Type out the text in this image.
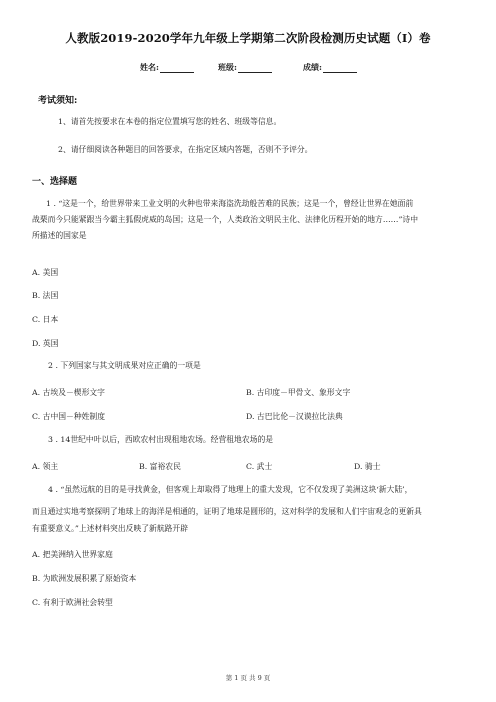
人教版2019-2020学年九年级上学期第二次阶段检测历史试题（I）卷
姓名:	班级:	成绩:
考试须知:
1、请首先按要求在本卷的指定位置填写您的姓名、班级等信息。
2、请仔细阅读各种题目的回答要求，在指定区域内答题，否则不予评分。
一、选择题
1 . “这是一个，给世界带来工业文明的火种也带来海盗洗劫般苦难的民族；这是一个，曾经让世界在她面前
战栗而今只能紧跟当今霸主狐假虎威的岛国；这是一个，人类政治文明民主化、法律化历程开始的地方……”诗中
所描述的国家是
A. 美国
B. 法国
C. 日本
D. 英国
2 . 下列国家与其文明成果对应正确的一项是
A. 古埃及－楔形文字	B. 古印度－甲骨文、象形文字
C. 古中国－种姓制度	D. 古巴比伦－汉谟拉比法典
3 . 14世纪中叶以后，西欧农村出现租地农场。经营租地农场的是
A. 领主	B. 富裕农民	C. 武士	D. 骑士
4 . “虽然远航的目的是寻找黄金，但客观上却取得了地理上的重大发现，它不仅发现了美洲这块‘新大陆’，
而且通过实地考察探明了地球上的海洋是相通的，证明了地球是圆形的，这对科学的发展和人们宇宙观念的更新具
有重要意义。”上述材料突出反映了新航路开辟
A. 把美洲纳入世界家庭
B. 为欧洲发展积累了原始资本
C. 有利于欧洲社会转型
第 1 页 共 9 页
